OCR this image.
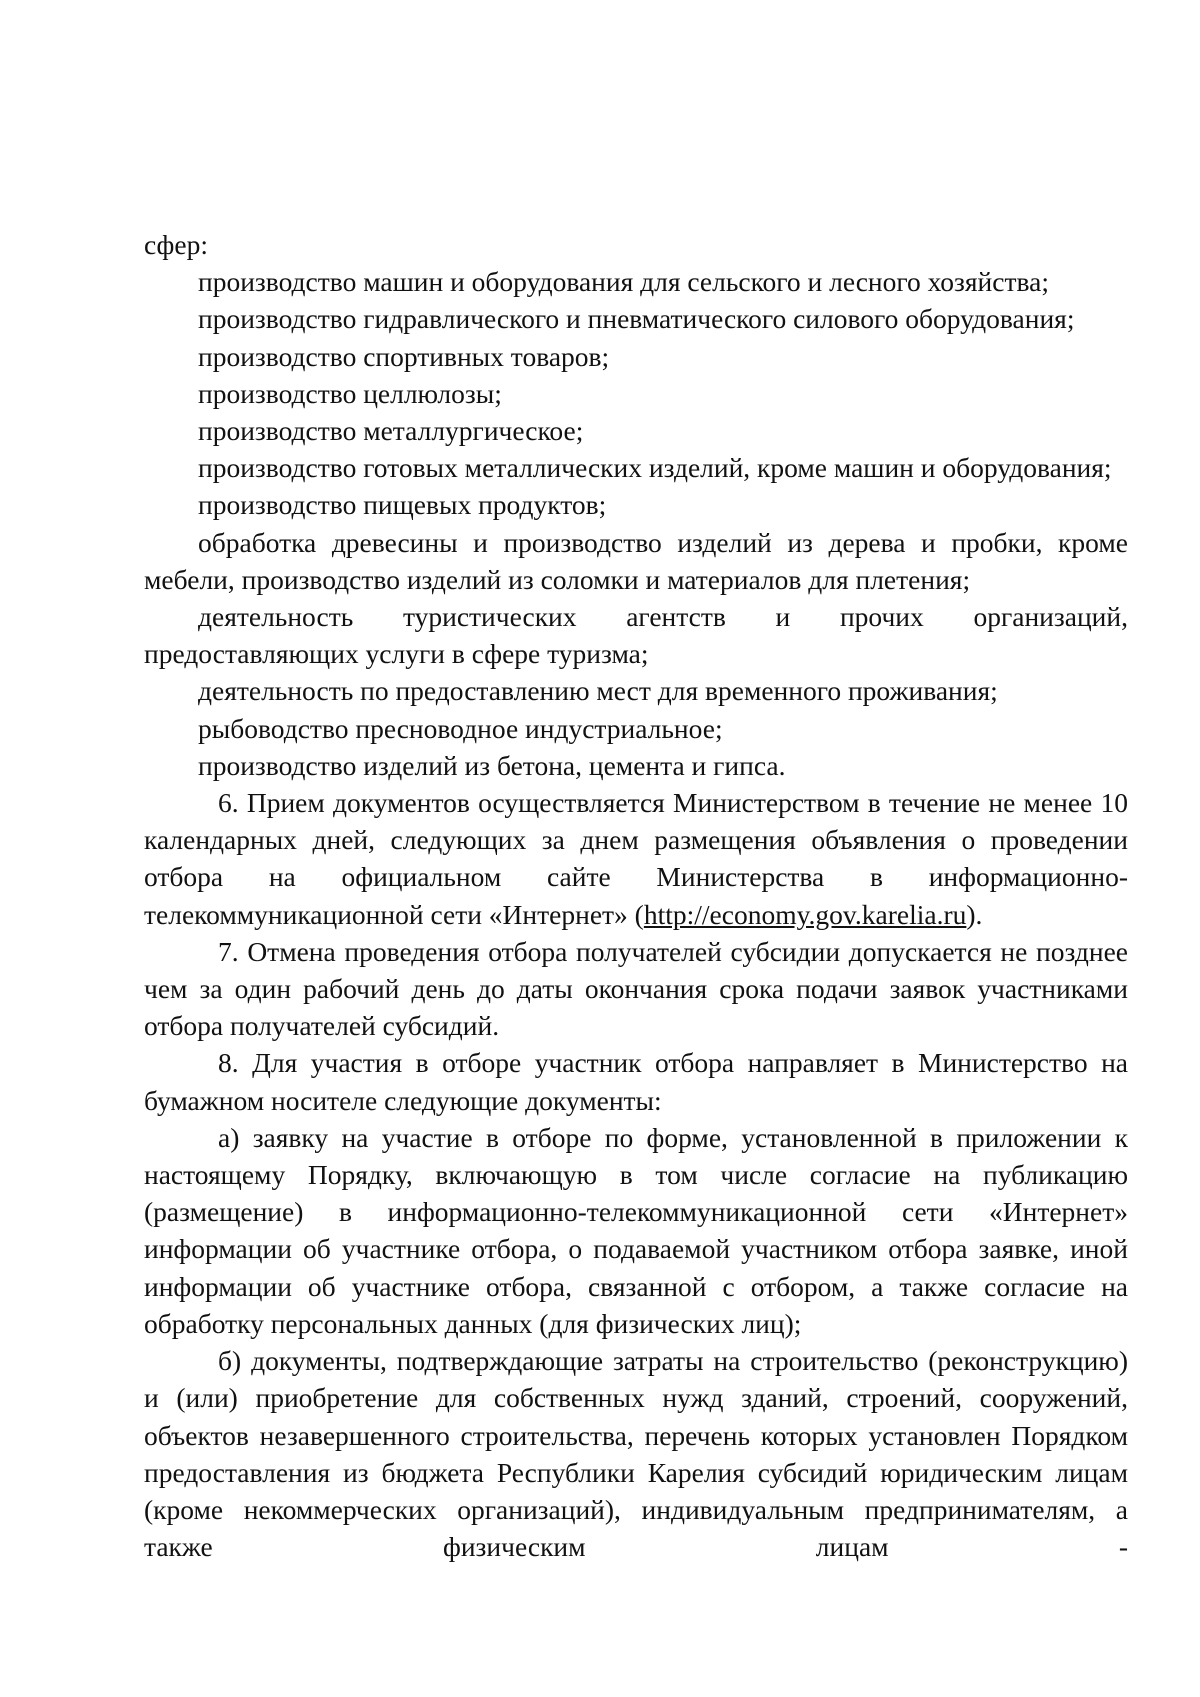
сфер:

производство машин и оборудования для сельского и лесного хозяйства;

производство гидравлического и пневматического силового оборудования;

производство спортивных товаров;

производство целлюлозы;

производство металлургическое;

производство готовых металлических изделий, кроме машин и оборудования;

производство пищевых продуктов;

обработка древесины и производство изделий из дерева и пробки, кроме мебели, производство изделий из соломки и материалов для плетения;

деятельность туристических агентств и прочих организаций, предоставляющих услуги в сфере туризма;

деятельность по предоставлению мест для временного проживания;

рыбоводство пресноводное индустриальное;

производство изделий из бетона, цемента и гипса.

6. Прием документов осуществляется Министерством в течение не менее 10 календарных дней, следующих за днем размещения объявления о проведении отбора на официальном сайте Министерства в информационно-телекоммуникационной сети «Интернет» (http://economy.gov.karelia.ru).

7. Отмена проведения отбора получателей субсидии допускается не позднее чем за один рабочий день до даты окончания срока подачи заявок участниками отбора получателей субсидий.

8. Для участия в отборе участник отбора направляет в Министерство на бумажном носителе следующие документы:

а) заявку на участие в отборе по форме, установленной в приложении к настоящему Порядку, включающую в том числе согласие на публикацию (размещение) в информационно-телекоммуникационной сети «Интернет» информации об участнике отбора, о подаваемой участником отбора заявке, иной информации об участнике отбора, связанной с отбором, а также согласие на обработку персональных данных (для физических лиц);

б) документы, подтверждающие затраты на строительство (реконструкцию) и (или) приобретение для собственных нужд зданий, строений, сооружений, объектов незавершенного строительства, перечень которых установлен Порядком предоставления из бюджета Республики Карелия субсидий юридическим лицам (кроме некоммерческих организаций), индивидуальным предпринимателям, а также физическим лицам -
